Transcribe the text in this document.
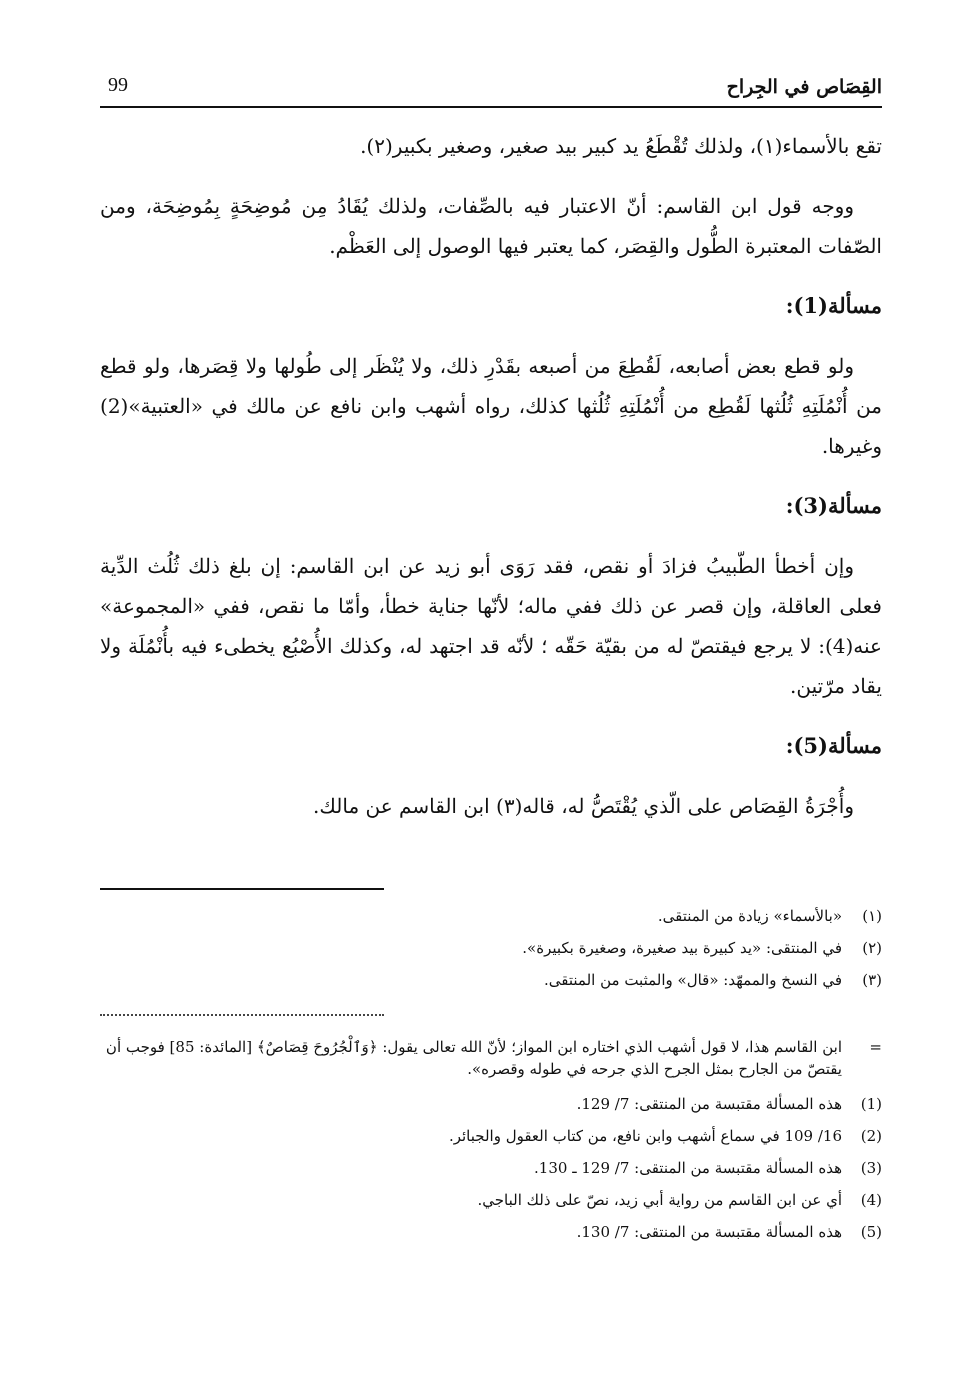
القِصَاص في الجِراح
99

تقع بالأسماء(١)، ولذلك تُقْطَعُ يد كبير بيد صغير، وصغير بكبير(٢).

ووجه قول ابن القاسم: أنّ الاعتبار فيه بالصِّفات، ولذلك يُقَادُ مِن مُوضِحَةٍ بِمُوضِحَة، ومن الصّفات المعتبرة الطُّول والقِصَر، كما يعتبر فيها الوصول إلى العَظْم.

مسألة(1):

ولو قطع بعض أصابعه، لَقُطِعَ من أصبعه بقَدْرِ ذلك، ولا يُنْظَر إلى طُولها ولا قِصَرها، ولو قطع من أُنْمُلَتِهِ ثُلُثها لَقُطِع من أُنْمُلَتِهِ ثُلُثها كذلك، رواه أشهب وابن نافع عن مالك في «العتبية»(2) وغيرها.

مسألة(3):

وإن أخطأ الطّبيبُ فزادَ أو نقص، فقد رَوَى أبو زيد عن ابن القاسم: إن بلغ ذلك ثُلُث الدِّية فعلى العاقلة، وإن قصر عن ذلك ففي ماله؛ لأنّها جناية خطأ، وأمّا ما نقص، ففي «المجموعة» عنه(4): لا يرجع فيقتصّ له من بقيّة حَقّه ؛ لأنّه قد اجتهد له، وكذلك الأُصْبُع يخطىء فيه بأُنْمُلَة ولا يقاد مرّتين.

مسألة(5):

وأُجْرَةُ القِصَاص على الّذي يُقْتَصُّ له، قاله(٣) ابن القاسم عن مالك.

(١)
«بالأسماء» زيادة من المنتقى.
(٢)
في المنتقى: «يد كبيرة بيد صغيرة، وصغيرة بكبيرة».
(٣)
في النسخ والممهّد: «قال» والمثبت من المنتقى.
=
ابن القاسم هذا، لا قول أشهب الذي اختاره ابن المواز؛ لأنّ الله تعالى يقول: ﴿وَٱلْجُرُوحَ قِصَاصٌ﴾ [المائدة: 85] فوجب أن يقتصّ من الجارح بمثل الجرح الذي جرحه في طوله وقصره».
(1)
هذه المسألة مقتبسة من المنتقى: 7/ 129.
(2)
16/ 109 في سماع أشهب وابن نافع، من كتاب العقول والجبائر.
(3)
هذه المسألة مقتبسة من المنتقى: 7/ 129 ـ 130.
(4)
أي عن ابن القاسم من رواية أبي زيد، نصّ على ذلك الباجي.
(5)
هذه المسألة مقتبسة من المنتقى: 7/ 130.
